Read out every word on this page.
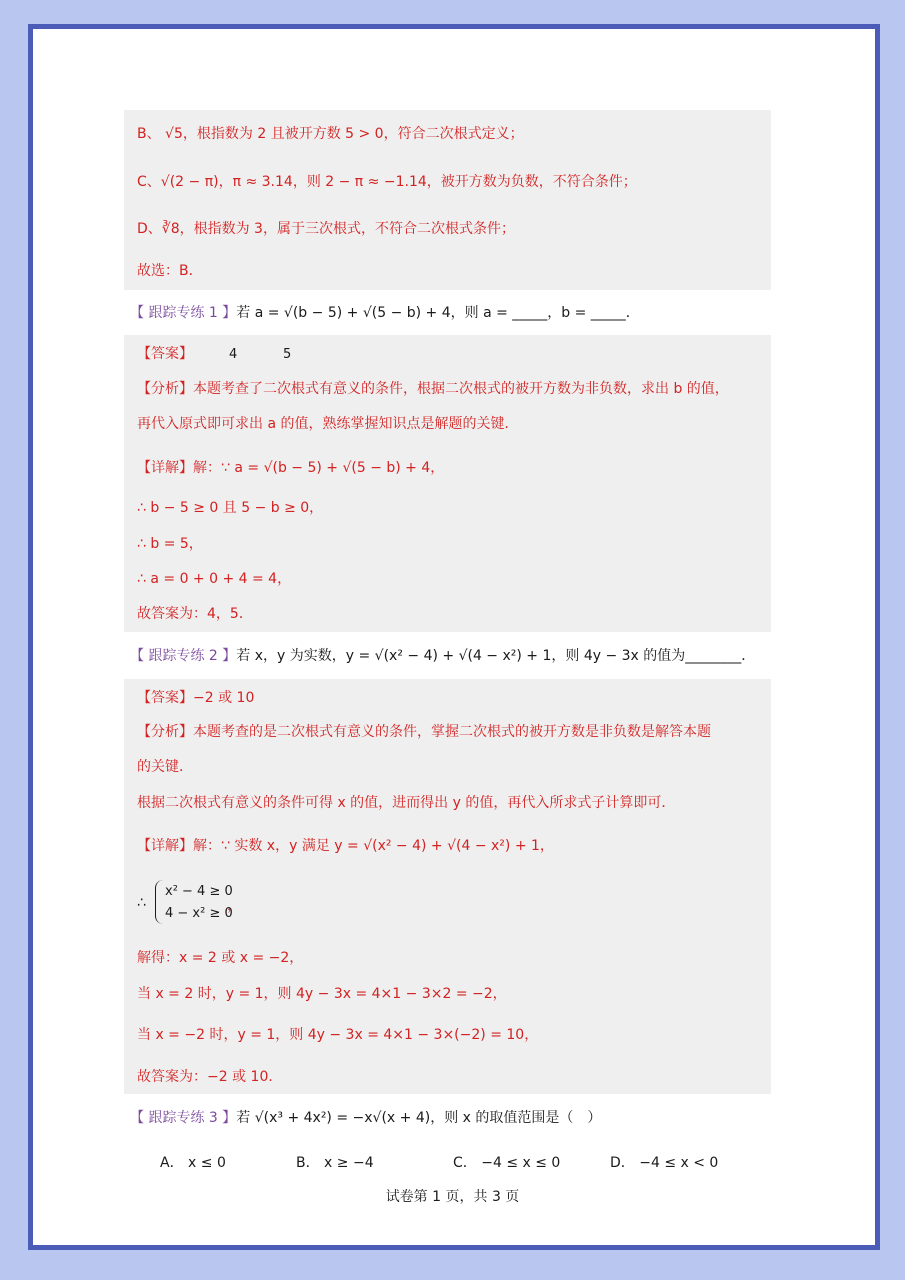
B、 √5，根指数为 2 且被开方数 5 > 0，符合二次根式定义；
C、√(2 − π)，π ≈ 3.14，则 2 − π ≈ −1.14，被开方数为负数，不符合条件；
D、∛8，根指数为 3，属于三次根式，不符合二次根式条件；
故选：B．
【 跟踪专练 1 】若 a = √(b − 5) + √(5 − b) + 4，则 a = _____，b = _____．
【答案】	4	5
【分析】本题考查了二次根式有意义的条件，根据二次根式的被开方数为非负数，求出 b 的值，
再代入原式即可求出 a 的值，熟练掌握知识点是解题的关键．
【详解】解：∵ a = √(b − 5) + √(5 − b) + 4，
∴ b − 5 ≥ 0 且 5 − b ≥ 0，
∴ b = 5，
∴ a = 0 + 0 + 4 = 4，
故答案为：4，5．
【 跟踪专练 2 】若 x，y 为实数，y = √(x² − 4) + √(4 − x²) + 1，则 4y − 3x 的值为________．
【答案】−2 或 10
【分析】本题考查的是二次根式有意义的条件，掌握二次根式的被开方数是非负数是解答本题
的关键．
根据二次根式有意义的条件可得 x 的值，进而得出 y 的值，再代入所求式子计算即可．
【详解】解：∵ 实数 x，y 满足 y = √(x² − 4) + √(4 − x²) + 1，
∴
x² − 4 ≥ 0
4 − x² ≥ 0
，
解得：x = 2 或 x = −2，
当 x = 2 时，y = 1，则 4y − 3x = 4×1 − 3×2 = −2，
当 x = −2 时，y = 1，则 4y − 3x = 4×1 − 3×(−2) = 10，
故答案为：−2 或 10．
【 跟踪专练 3 】若 √(x³ + 4x²) = −x√(x + 4)，则 x 的取值范围是（　）
A． x ≤ 0	B． x ≥ −4	C． −4 ≤ x ≤ 0	D． −4 ≤ x < 0
试卷第 1 页，共 3 页
